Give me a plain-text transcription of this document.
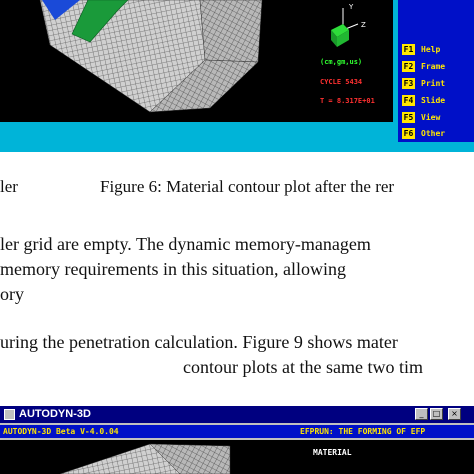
Y
Z
(cm,gm,us)
CYCLE 5434
T = 8.317E+01
F1 Help
F2 Frame
F3 Print
F4 Slide
F5 View
F6 Other
ler	Figure 6: Material contour plot after the rer
ler grid are empty. The dynamic memory-managem
memory requirements in this situation, allowing
ory
uring the penetration calculation. Figure 9 shows mater
contour plots at the same two tim
AUTODYN-3D	_	□	×
AUTODYN-3D Beta V-4.0.04	EFPRUN: THE FORMING OF EFP
MATERIAL
